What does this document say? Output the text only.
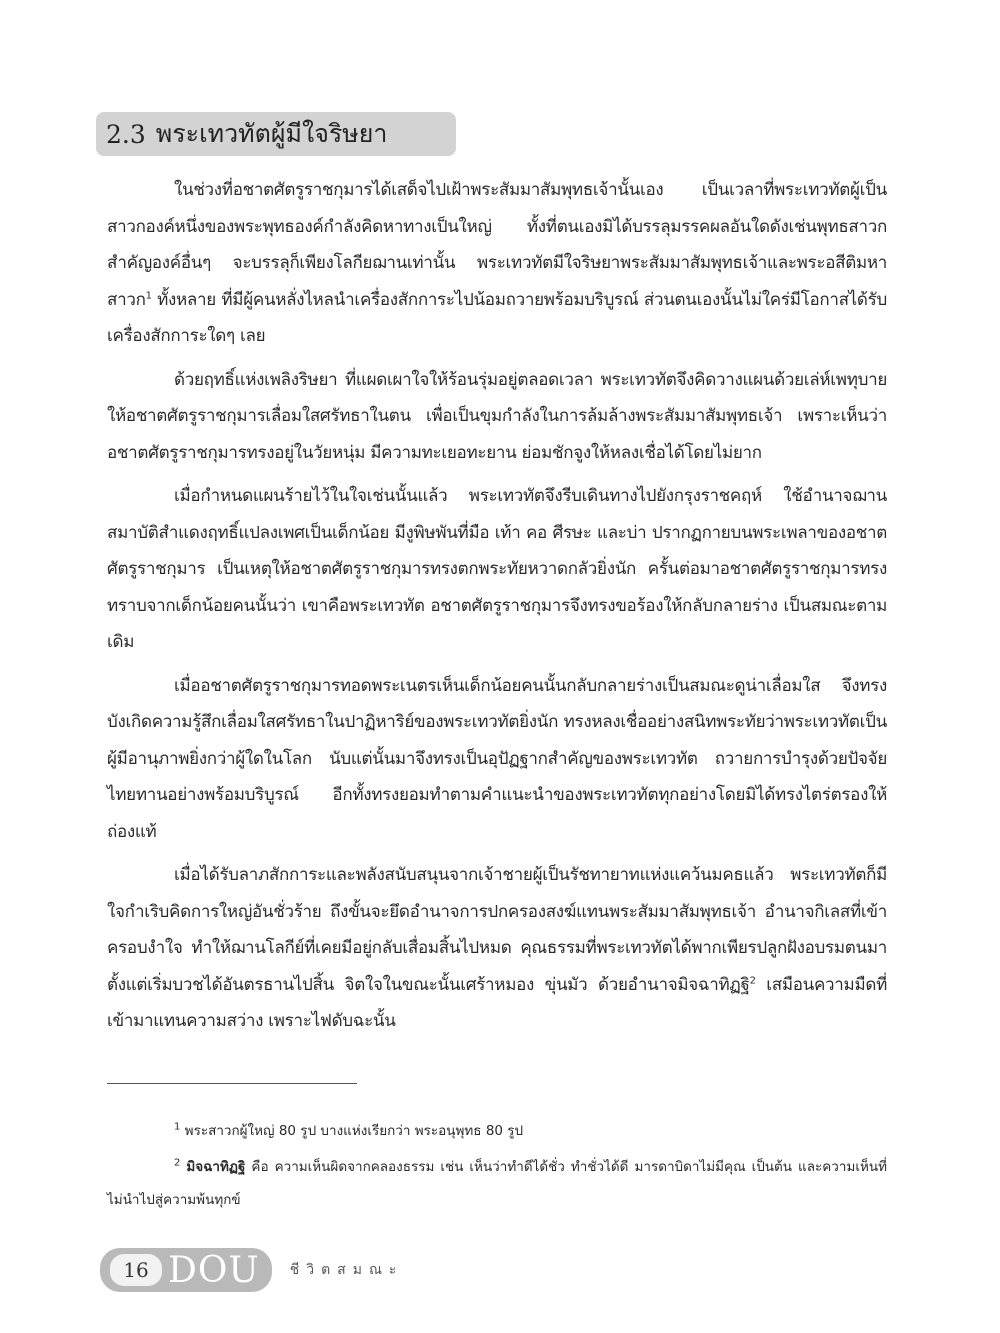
2.3 พระเทวทัตผู้มีใจริษยา

ในช่วงที่อชาตศัตรูราชกุมารได้เสด็จไปเฝ้าพระสัมมาสัมพุทธเจ้านั้นเอง เป็นเวลาที่พระเทวทัตผู้เป็นสาวกองค์หนึ่งของพระพุทธองค์กำลังคิดหาทางเป็นใหญ่ ทั้งที่ตนเองมิได้บรรลุมรรคผลอันใดดังเช่นพุทธสาวกสำคัญองค์อื่นๆ จะบรรลุก็เพียงโลกียฌานเท่านั้น พระเทวทัตมีใจริษยาพระสัมมาสัมพุทธเจ้าและพระอสีติมหาสาวก$^1$ ทั้งหลาย ที่มีผู้คนหลั่งไหลนำเครื่องสักการะไปน้อมถวายพร้อมบริบูรณ์ ส่วนตนเองนั้นไม่ใคร่มีโอกาสได้รับเครื่องสักการะใดๆ เลย

ด้วยฤทธิ์แห่งเพลิงริษยา ที่แผดเผาใจให้ร้อนรุ่มอยู่ตลอดเวลา พระเทวทัตจึงคิดวางแผนด้วยเล่ห์เพทุบายให้อชาตศัตรูราชกุมารเลื่อมใสศรัทธาในตน เพื่อเป็นขุมกำลังในการล้มล้างพระสัมมาสัมพุทธเจ้า เพราะเห็นว่าอชาตศัตรูราชกุมารทรงอยู่ในวัยหนุ่ม มีความทะเยอทะยาน ย่อมชักจูงให้หลงเชื่อได้โดยไม่ยาก

เมื่อกำหนดแผนร้ายไว้ในใจเช่นนั้นแล้ว พระเทวทัตจึงรีบเดินทางไปยังกรุงราชคฤห์ ใช้อำนาจฌานสมาบัติสำแดงฤทธิ์แปลงเพศเป็นเด็กน้อย มีงูพิษพันที่มือ เท้า คอ ศีรษะ และบ่า ปรากฏกายบนพระเพลาของอชาตศัตรูราชกุมาร เป็นเหตุให้อชาตศัตรูราชกุมารทรงตกพระทัยหวาดกลัวยิ่งนัก ครั้นต่อมาอชาตศัตรูราชกุมารทรงทราบจากเด็กน้อยคนนั้นว่า เขาคือพระเทวทัต อชาตศัตรูราชกุมารจึงทรงขอร้องให้กลับกลายร่าง เป็นสมณะตามเดิม

เมื่ออชาตศัตรูราชกุมารทอดพระเนตรเห็นเด็กน้อยคนนั้นกลับกลายร่างเป็นสมณะดูน่าเลื่อมใส จึงทรงบังเกิดความรู้สึกเลื่อมใสศรัทธาในปาฏิหาริย์ของพระเทวทัตยิ่งนัก ทรงหลงเชื่ออย่างสนิทพระทัยว่าพระเทวทัตเป็นผู้มีอานุภาพยิ่งกว่าผู้ใดในโลก นับแต่นั้นมาจึงทรงเป็นอุปัฏฐากสำคัญของพระเทวทัต ถวายการบำรุงด้วยปัจจัยไทยทานอย่างพร้อมบริบูรณ์ อีกทั้งทรงยอมทำตามคำแนะนำของพระเทวทัตทุกอย่างโดยมิได้ทรงไตร่ตรองให้ถ่องแท้

เมื่อได้รับลาภสักการะและพลังสนับสนุนจากเจ้าชายผู้เป็นรัชทายาทแห่งแคว้นมคธแล้ว พระเทวทัตก็มีใจกำเริบคิดการใหญ่อันชั่วร้าย ถึงขั้นจะยึดอำนาจการปกครองสงฆ์แทนพระสัมมาสัมพุทธเจ้า อำนาจกิเลสที่เข้าครอบงำใจ ทำให้ฌานโลกีย์ที่เคยมีอยู่กลับเสื่อมสิ้นไปหมด คุณธรรมที่พระเทวทัตได้พากเพียรปลูกฝังอบรมตนมาตั้งแต่เริ่มบวชได้อันตรธานไปสิ้น จิตใจในขณะนั้นเศร้าหมอง ขุ่นมัว ด้วยอำนาจมิจฉาทิฏฐิ$^2$ เสมือนความมืดที่เข้ามาแทนความสว่าง เพราะไฟดับฉะนั้น

$^1$ พระสาวกผู้ใหญ่ 80 รูป บางแห่งเรียกว่า พระอนุพุทธ 80 รูป

$^2$ มิจฉาทิฏฐิ คือ ความเห็นผิดจากคลองธรรม เช่น เห็นว่าทำดีได้ชั่ว ทำชั่วได้ดี มารดาบิดาไม่มีคุณ เป็นต้น และความเห็นที่ไม่นำไปสู่ความพ้นทุกข์

16 DOU ชีวิตสมณะ
